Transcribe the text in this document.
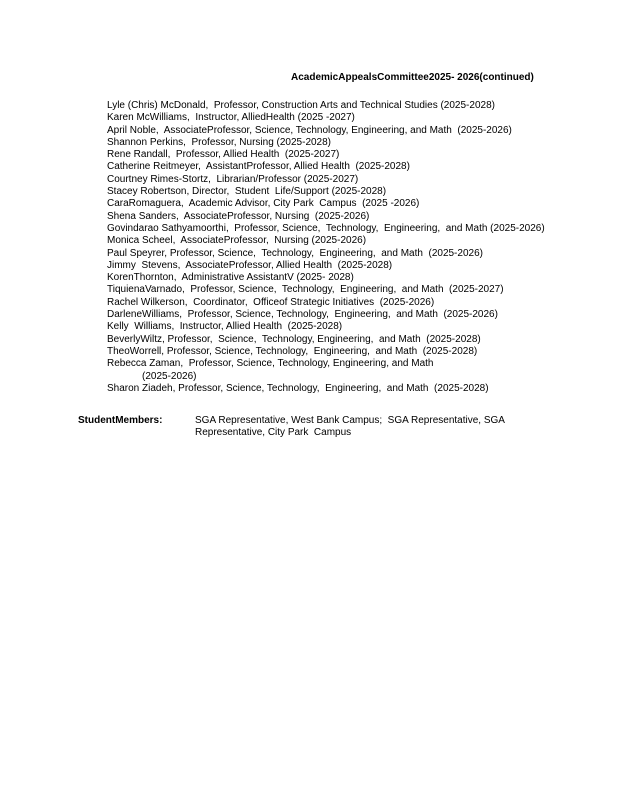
AcademicAppealsCommittee2025- 2026(continued)
Lyle (Chris) McDonald,  Professor, Construction Arts and Technical Studies (2025-2028)
Karen McWilliams,  Instructor, AlliedHealth (2025 -2027)
April Noble,  AssociateProfessor, Science, Technology, Engineering, and Math  (2025-2026)
Shannon Perkins,  Professor, Nursing (2025-2028)
Rene Randall,  Professor, Allied Health  (2025-2027)
Catherine Reitmeyer,  AssistantProfessor, Allied Health  (2025-2028)
Courtney Rimes-Stortz,  Librarian/Professor (2025-2027)
Stacey Robertson, Director,  Student  Life/Support (2025-2028)
CaraRomaguera,  Academic Advisor, City Park  Campus  (2025 -2026)
Shena Sanders,  AssociateProfessor, Nursing  (2025-2026)
Govindarao Sathyamoorthi,  Professor, Science,  Technology,  Engineering,  and Math (2025-2026)
Monica Scheel,  AssociateProfessor,  Nursing (2025-2026)
Paul Speyrer, Professor, Science,  Technology,  Engineering,  and Math  (2025-2026)
Jimmy  Stevens,  AssociateProfessor, Allied Health  (2025-2028)
KorenThornton,  Administrative AssistantV (2025- 2028)
TiquienaVarnado,  Professor, Science,  Technology,  Engineering,  and Math  (2025-2027)
Rachel Wilkerson,  Coordinator,  Officeof Strategic Initiatives  (2025-2026)
DarleneWilliams,  Professor, Science, Technology,  Engineering,  and Math  (2025-2026)
Kelly  Williams,  Instructor, Allied Health  (2025-2028)
BeverlyWiltz, Professor,  Science,  Technology, Engineering,  and Math  (2025-2028)
TheoWorrell, Professor, Science, Technology,  Engineering,  and Math  (2025-2028)
Rebecca Zaman,  Professor, Science, Technology, Engineering, and Math
(2025-2026)
Sharon Ziadeh, Professor, Science, Technology,  Engineering,  and Math  (2025-2028)
StudentMembers:	SGA Representative, West Bank Campus;  SGA Representative, SGA
Representative, City Park  Campus
